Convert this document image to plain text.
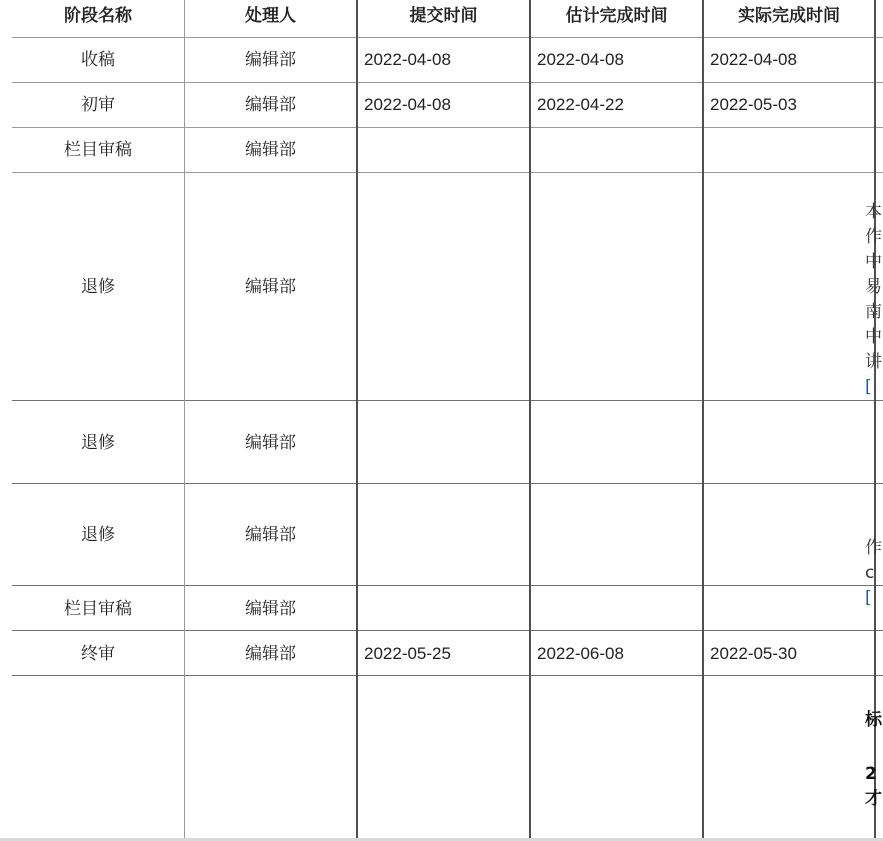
阶段名称	处理人	提交时间	估计完成时间	实际完成时间
收稿	编辑部	2022-04-08	2022-04-08	2022-04-08
初审	编辑部	2022-04-08	2022-04-22	2022-05-03
栏目审稿	编辑部
退修	编辑部
退修	编辑部
退修	编辑部
栏目审稿	编辑部
终审	编辑部	2022-05-25	2022-06-08	2022-05-30
本
作
中
易
南
中
讲
[
作
c
[
标
2
才
